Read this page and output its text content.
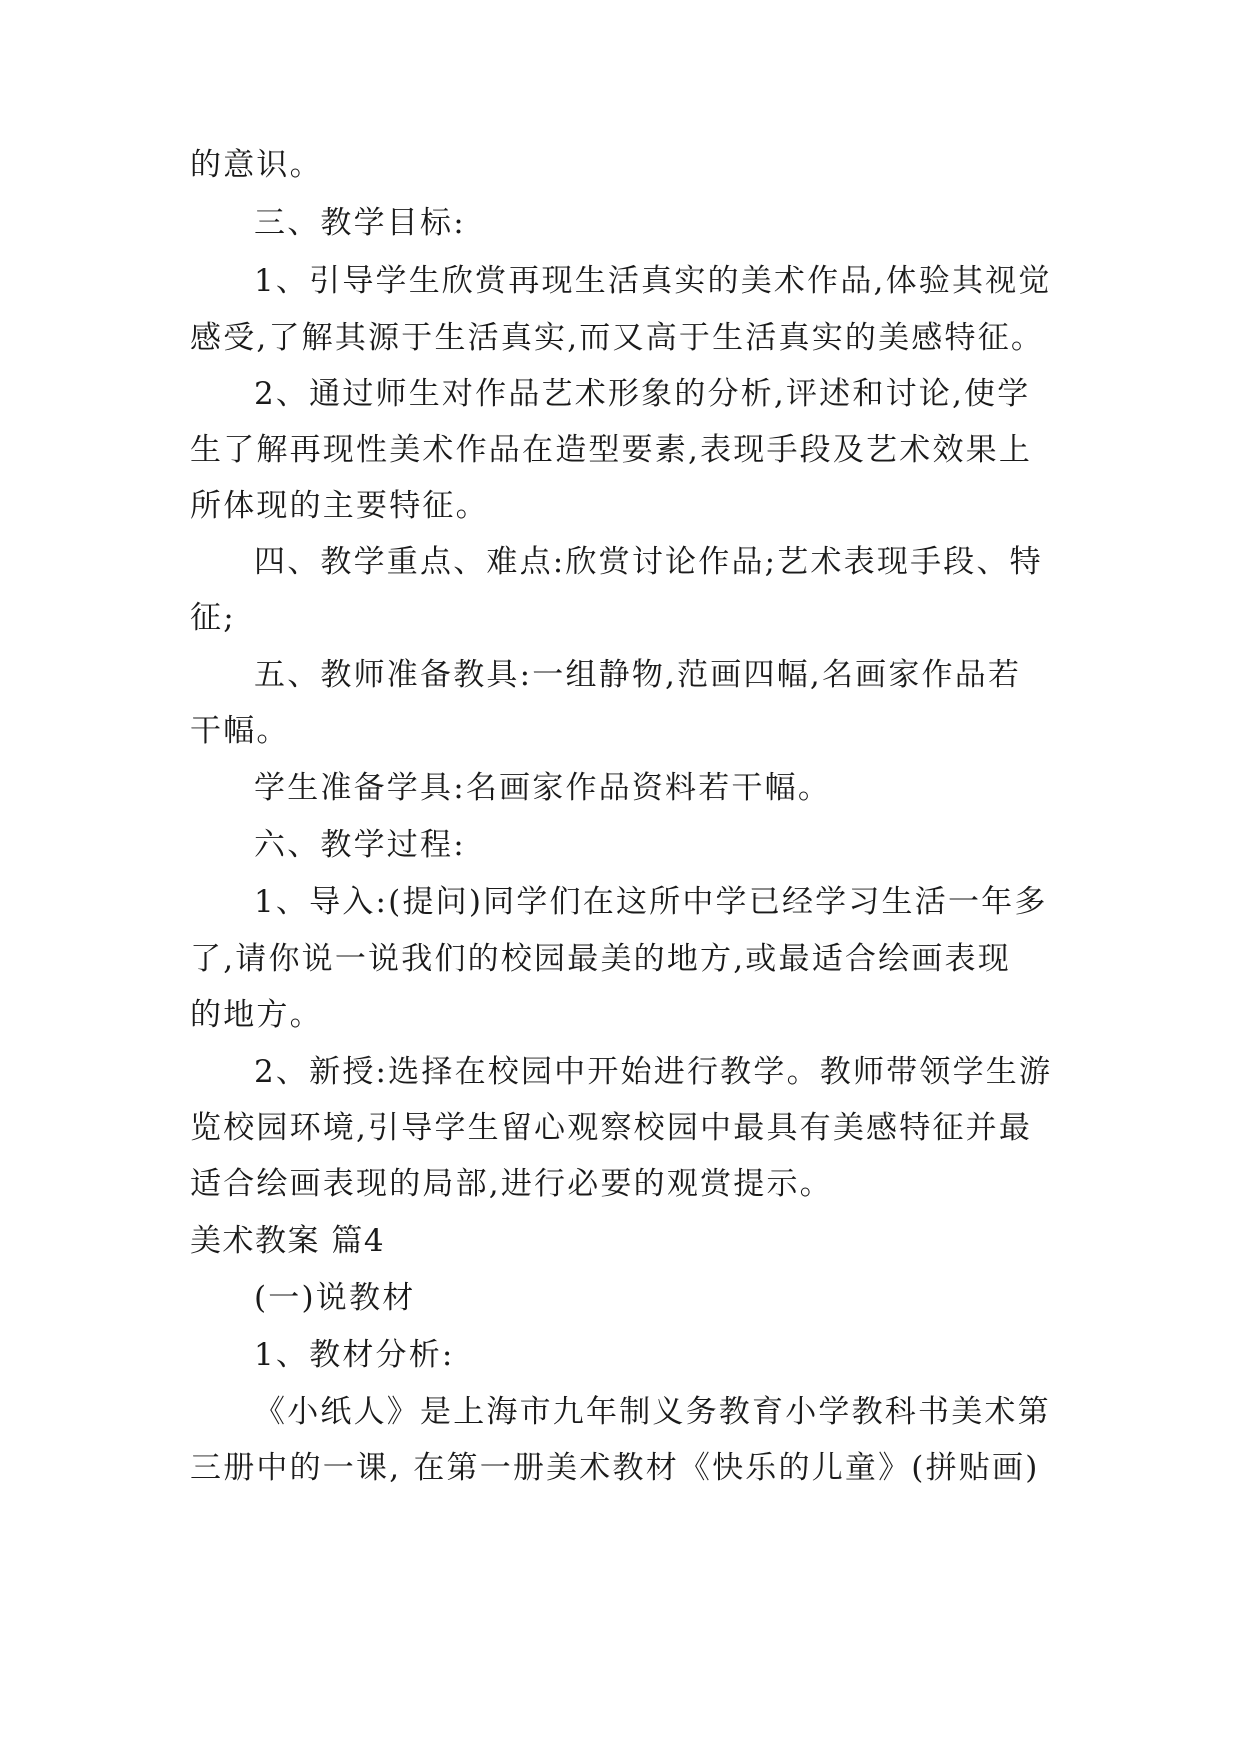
的意识。
三、教学目标:
1、引导学生欣赏再现生活真实的美术作品,体验其视觉
感受,了解其源于生活真实,而又高于生活真实的美感特征。
2、通过师生对作品艺术形象的分析,评述和讨论,使学
生了解再现性美术作品在造型要素,表现手段及艺术效果上
所体现的主要特征。
四、教学重点、难点:欣赏讨论作品;艺术表现手段、特
征;
五、教师准备教具:一组静物,范画四幅,名画家作品若
干幅。
学生准备学具:名画家作品资料若干幅。
六、教学过程:
1、导入:(提问)同学们在这所中学已经学习生活一年多
了,请你说一说我们的校园最美的地方,或最适合绘画表现
的地方。
2、新授:选择在校园中开始进行教学。教师带领学生游
览校园环境,引导学生留心观察校园中最具有美感特征并最
适合绘画表现的局部,进行必要的观赏提示。
美术教案 篇4
(一)说教材
1、教材分析:
《小纸人》是上海市九年制义务教育小学教科书美术第
三册中的一课, 在第一册美术教材《快乐的儿童》(拼贴画)
